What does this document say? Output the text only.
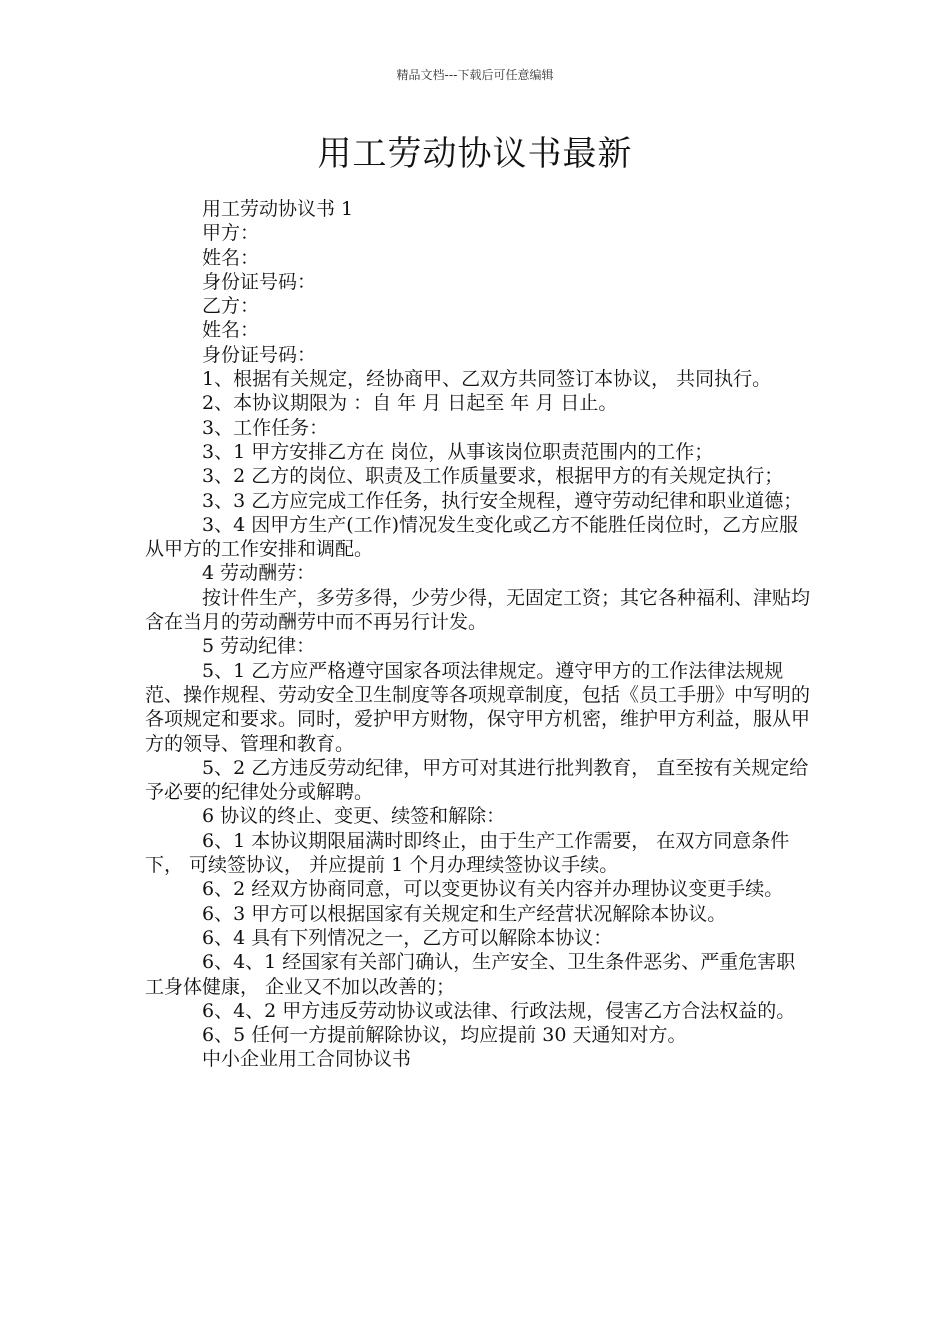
精品文档---下载后可任意编辑
用工劳动协议书最新

用工劳动协议书 1

甲方：

姓名：

身份证号码：

乙方：

姓名：

身份证号码：

1、根据有关规定，经协商甲、乙双方共同签订本协议， 共同执行。

2、本协议期限为 ：自 年 月 日起至 年 月 日止。

3、工作任务：

3、1 甲方安排乙方在 岗位，从事该岗位职责范围内的工作；

3、2 乙方的岗位、职责及工作质量要求，根据甲方的有关规定执行；

3、3 乙方应完成工作任务，执行安全规程，遵守劳动纪律和职业道德；

3、4 因甲方生产(工作)情况发生变化或乙方不能胜任岗位时，乙方应服从甲方的工作安排和调配。

4 劳动酬劳：

按计件生产，多劳多得，少劳少得，无固定工资；其它各种福利、津贴均含在当月的劳动酬劳中而不再另行计发。

5 劳动纪律：

5、1 乙方应严格遵守国家各项法律规定。遵守甲方的工作法律法规规范、操作规程、劳动安全卫生制度等各项规章制度，包括《员工手册》中写明的各项规定和要求。同时，爱护甲方财物，保守甲方机密，维护甲方利益，服从甲方的领导、管理和教育。

5、2 乙方违反劳动纪律，甲方可对其进行批判教育， 直至按有关规定给予必要的纪律处分或解聘。

6 协议的终止、变更、续签和解除：

6、1 本协议期限届满时即终止，由于生产工作需要， 在双方同意条件下， 可续签协议， 并应提前 1 个月办理续签协议手续。

6、2 经双方协商同意，可以变更协议有关内容并办理协议变更手续。

6、3 甲方可以根据国家有关规定和生产经营状况解除本协议。

6、4 具有下列情况之一，乙方可以解除本协议：

6、4、1 经国家有关部门确认，生产安全、卫生条件恶劣、严重危害职工身体健康， 企业又不加以改善的；

6、4、2 甲方违反劳动协议或法律、行政法规，侵害乙方合法权益的。

6、5 任何一方提前解除协议，均应提前 30 天通知对方。

中小企业用工合同协议书
